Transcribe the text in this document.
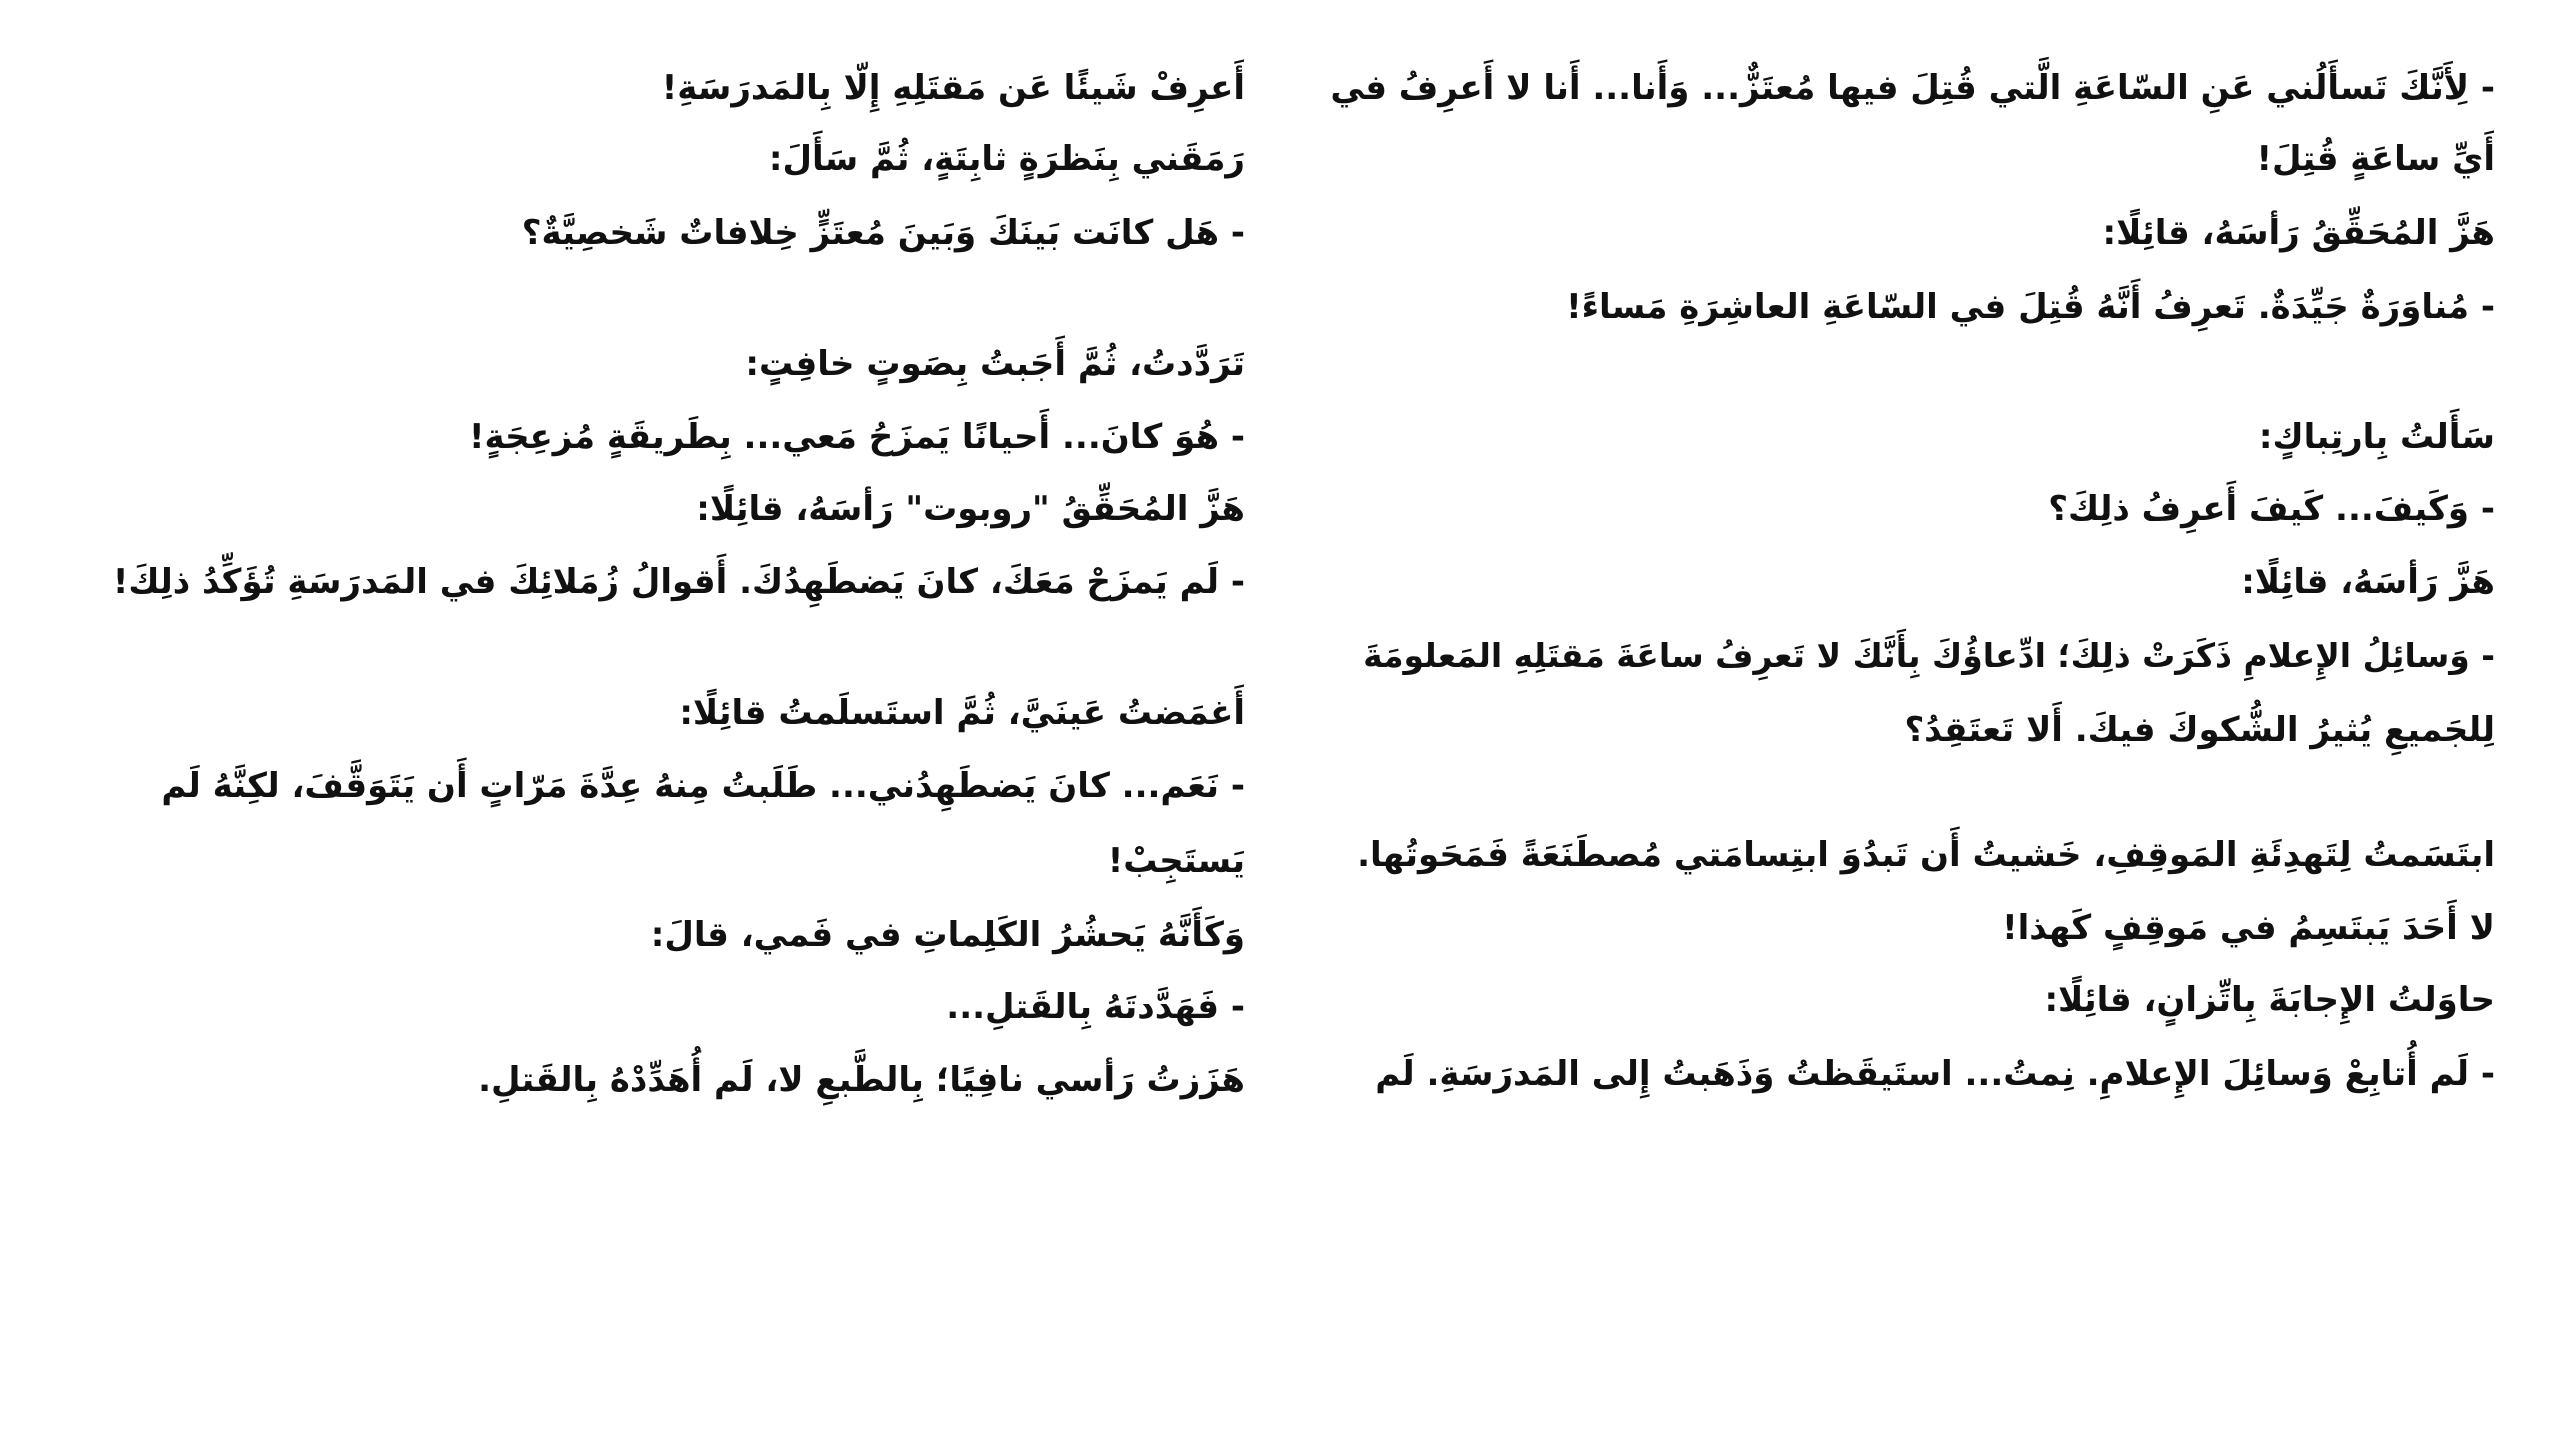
- لِأَنَّكَ تَسأَلُني عَنِ السّاعَةِ الَّتي قُتِلَ فيها مُعتَزٌّ... وَأَنا... أَنا لا أَعرِفُ في
أَيِّ ساعَةٍ قُتِلَ!
هَزَّ المُحَقِّقُ رَأسَهُ، قائِلًا:
- مُناوَرَةٌ جَيِّدَةٌ. تَعرِفُ أَنَّهُ قُتِلَ في السّاعَةِ العاشِرَةِ مَساءً!
سَأَلتُ بِارتِباكٍ:
- وَكَيفَ... كَيفَ أَعرِفُ ذلِكَ؟
هَزَّ رَأسَهُ، قائِلًا:
- وَسائِلُ الإِعلامِ ذَكَرَتْ ذلِكَ؛ ادِّعاؤُكَ بِأَنَّكَ لا تَعرِفُ ساعَةَ مَقتَلِهِ المَعلومَةَ
لِلجَميعِ يُثيرُ الشُّكوكَ فيكَ. أَلا تَعتَقِدُ؟
ابتَسَمتُ لِتَهدِئَةِ المَوقِفِ، خَشيتُ أَن تَبدُوَ ابتِسامَتي مُصطَنَعَةً فَمَحَوتُها.
لا أَحَدَ يَبتَسِمُ في مَوقِفٍ كَهذا!
حاوَلتُ الإِجابَةَ بِاتِّزانٍ، قائِلًا:
- لَم أُتابِعْ وَسائِلَ الإِعلامِ. نِمتُ... استَيقَظتُ وَذَهَبتُ إِلى المَدرَسَةِ. لَم
أَعرِفْ شَيئًا عَن مَقتَلِهِ إِلّا بِالمَدرَسَةِ!
رَمَقَني بِنَظرَةٍ ثابِتَةٍ، ثُمَّ سَأَلَ:
- هَل كانَت بَينَكَ وَبَينَ مُعتَزٍّ خِلافاتٌ شَخصِيَّةٌ؟
تَرَدَّدتُ، ثُمَّ أَجَبتُ بِصَوتٍ خافِتٍ:
- هُوَ كانَ... أَحيانًا يَمزَحُ مَعي... بِطَريقَةٍ مُزعِجَةٍ!
هَزَّ المُحَقِّقُ "روبوت" رَأسَهُ، قائِلًا:
- لَم يَمزَحْ مَعَكَ، كانَ يَضطَهِدُكَ. أَقوالُ زُمَلائِكَ في المَدرَسَةِ تُؤَكِّدُ ذلِكَ!
أَغمَضتُ عَينَيَّ، ثُمَّ استَسلَمتُ قائِلًا:
- نَعَم... كانَ يَضطَهِدُني... طَلَبتُ مِنهُ عِدَّةَ مَرّاتٍ أَن يَتَوَقَّفَ، لكِنَّهُ لَم
يَستَجِبْ!
وَكَأَنَّهُ يَحشُرُ الكَلِماتِ في فَمي، قالَ:
- فَهَدَّدتَهُ بِالقَتلِ...
هَزَزتُ رَأسي نافِيًا؛ بِالطَّبعِ لا، لَم أُهَدِّدْهُ بِالقَتلِ.
